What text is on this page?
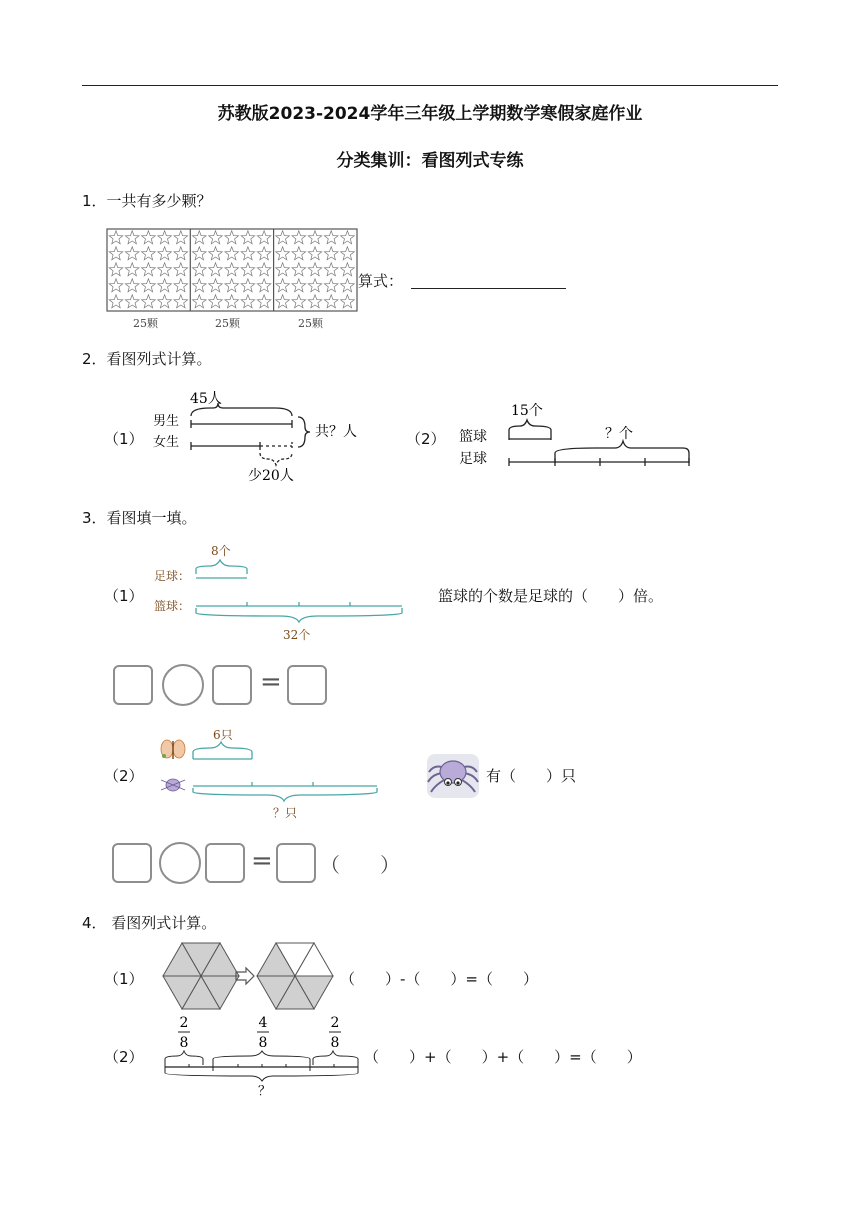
苏教版2023-2024学年三年级上学期数学寒假家庭作业
分类集训：看图列式专练
1．一共有多少颗？
25颗	25颗	25颗
算式：
2．看图列式计算。
（1）
45人
男生
女生
共？人
少20人
（2）
15个
篮球	？个
足球
3．看图填一填。
（1）
8个
足球：
篮球：
32个
篮球的个数是足球的（　　）倍。
=
（2）
6只
？只
有（　　）只
= （　　）
4． 看图列式计算。
（1）	（　　）-（　　）=（　　）
（2）
2
8
4
8
2
8
？
（　　）+（　　）+（　　）=（　　）
